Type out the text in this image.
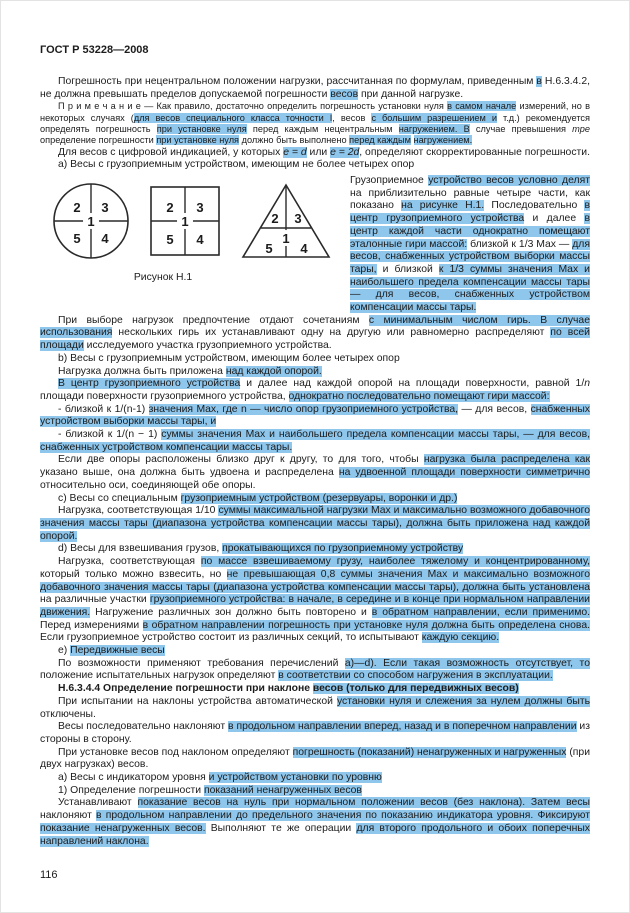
ГОСТ Р 53228—2008

Погрешность при нецентральном положении нагрузки, рассчитанная по формулам, приведенным в Н.6.3.4.2, не должна превышать пределов допускаемой погрешности весов при данной нагрузке.

П р и м е ч а н и е — Как правило, достаточно определить погрешность установки нуля в самом начале измерений, но в некоторых случаях (для весов специального класса точности I, весов с большим разрешением и т.д.) рекомендуется определять погрешность при установке нуля перед каждым нецентральным нагружением. В случае превышения mpe определение погрешности при установке нуля должно быть выполнено перед каждым нагружением.

Для весов с цифровой индикацией, у которых е = d или е = 2d, определяют скорректированные погрешности.

а) Весы с грузоприемным устройством, имеющим не более четырех опор

2 3
1
5 4
2 3
1
5 4
2 3
1
5 4
Рисунок Н.1

Грузоприемное устройство весов условно делят на приблизительно равные четыре части, как показано на рисунке Н.1. Последовательно в центр грузоприемного устройства и далее в центр каждой части однократно помещают эталонные гири массой: близкой к 1/3 Max — для весов, снабженных устройством выборки массы тары, и близкой к 1/3 суммы значения Max и наибольшего предела компенсации массы тары — для весов, снабженных устройством компенсации массы тары.

При выборе нагрузок предпочтение отдают сочетаниям с минимальным числом гирь. В случае использования нескольких гирь их устанавливают одну на другую или равномерно распределяют по всей площади исследуемого участка грузоприемного устройства.

b) Весы с грузоприемным устройством, имеющим более четырех опор

Нагрузка должна быть приложена над каждой опорой.

В центр грузоприемного устройства и далее над каждой опорой на площади поверхности, равной 1/n площади поверхности грузоприемного устройства, однократно последовательно помещают гири массой:

- близкой к 1/(n-1) значения Max, где n — число опор грузоприемного устройства, — для весов, снабженных устройством выборки массы тары, и

- близкой к 1/(n − 1) суммы значения Max и наибольшего предела компенсации массы тары, — для весов, снабженных устройством компенсации массы тары.

Если две опоры расположены близко друг к другу, то для того, чтобы нагрузка была распределена как указано выше, она должна быть удвоена и распределена на удвоенной площади поверхности симметрично относительно оси, соединяющей обе опоры.

с) Весы со специальным грузоприемным устройством (резервуары, воронки и др.)

Нагрузка, соответствующая 1/10 суммы максимальной нагрузки Max и максимально возможного добавочного значения массы тары (диапазона устройства компенсации массы тары), должна быть приложена над каждой опорой.

d) Весы для взвешивания грузов, прокатывающихся по грузоприемному устройству

Нагрузка, соответствующая по массе взвешиваемому грузу, наиболее тяжелому и концентрированному, который только можно взвесить, но не превышающая 0,8 суммы значения Max и максимально возможного добавочного значения массы тары (диапазона устройства компенсации массы тары), должна быть установлена на различные участки грузоприемного устройства: в начале, в середине и в конце при нормальном направлении движения. Нагружение различных зон должно быть повторено и в обратном направлении, если применимо. Перед измерениями в обратном направлении погрешность при установке нуля должна быть определена снова. Если грузоприемное устройство состоит из различных секций, то испытывают каждую секцию.

е) Передвижные весы

По возможности применяют требования перечислений а)—d). Если такая возможность отсутствует, то положение испытательных нагрузок определяют в соответствии со способом нагружения в эксплуатации.

Н.6.3.4.4 Определение погрешности при наклоне весов (только для передвижных весов)

При испытании на наклоны устройства автоматической установки нуля и слежения за нулем должны быть отключены.

Весы последовательно наклоняют в продольном направлении вперед, назад и в поперечном направлении из стороны в сторону.

При установке весов под наклоном определяют погрешность (показаний) ненагруженных и нагруженных (при двух нагрузках) весов.

а) Весы с индикатором уровня и устройством установки по уровню

1) Определение погрешности показаний ненагруженных весов

Устанавливают показание весов на нуль при нормальном положении весов (без наклона). Затем весы наклоняют в продольном направлении до предельного значения по показанию индикатора уровня. Фиксируют показание ненагруженных весов. Выполняют те же операции для второго продольного и обоих поперечных направлений наклона.

116
